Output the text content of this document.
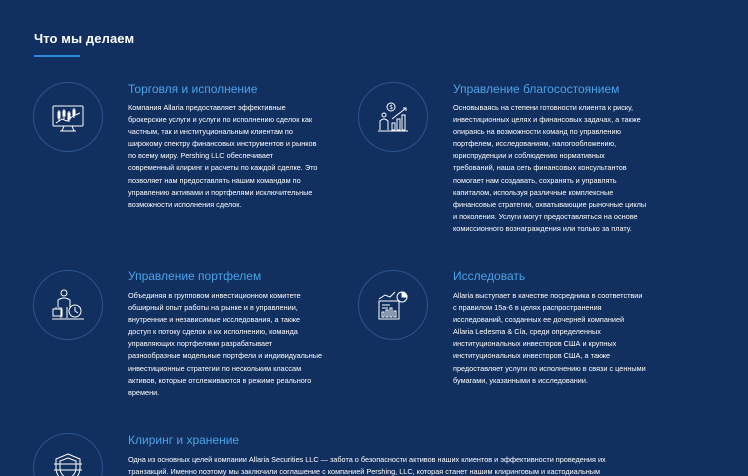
Что мы делаем
Торговля и исполнение
Компания Allaria предоставляет эффективные
брокерские услуги и услуги по исполнению сделок как
частным, так и институциональным клиентам по
широкому спектру финансовых инструментов и рынков
по всему миру. Pershing LLC обеспечивает
современный клиринг и расчеты по каждой сделке. Это
позволяет нам предоставлять нашим командам по
управлению активами и портфелями исключительные
возможности исполнения сделок.
$
Управление благосостоянием
Основываясь на степени готовности клиента к риску,
инвестиционных целях и финансовых задачах, а также
опираясь на возможности команд по управлению
портфелем, исследованиям, налогообложению,
юриспруденции и соблюдению нормативных
требований, наша сеть финансовых консультантов
помогает нам создавать, сохранять и управлять
капиталом, используя различные комплексные
финансовые стратегии, охватывающие рыночные циклы
и поколения. Услуги могут предоставляться на основе
комиссионного вознаграждения или только за плату.
Управление портфелем
Объединяя в групповом инвестиционном комитете
обширный опыт работы на рынке и в управлении,
внутренние и независимые исследования, а также
доступ к потоку сделок и их исполнению, команда
управляющих портфелями разрабатывает
разнообразные модельные портфели и индивидуальные
инвестиционные стратегии по нескольким классам
активов, которые отслеживаются в режиме реального
времени.
Исследовать
Allaria выступает в качестве посредника в соответствии
с правилом 15a-6 в целях распространения
исследований, созданных ее дочерней компанией
Allaria Ledesma & Cía, среди определенных
институциональных инвесторов США и крупных
институциональных инвесторов США, а также
предоставляет услуги по исполнению в связи с ценными
бумагами, указанными в исследовании.
Клиринг и хранение
Одна из основных целей компании Allaria Securities LLC — забота о безопасности активов наших клиентов и эффективности проведения их
транзакций. Именно поэтому мы заключили соглашение с компанией Pershing, LLC, которая станет нашим клиринговым и кастодиальным
